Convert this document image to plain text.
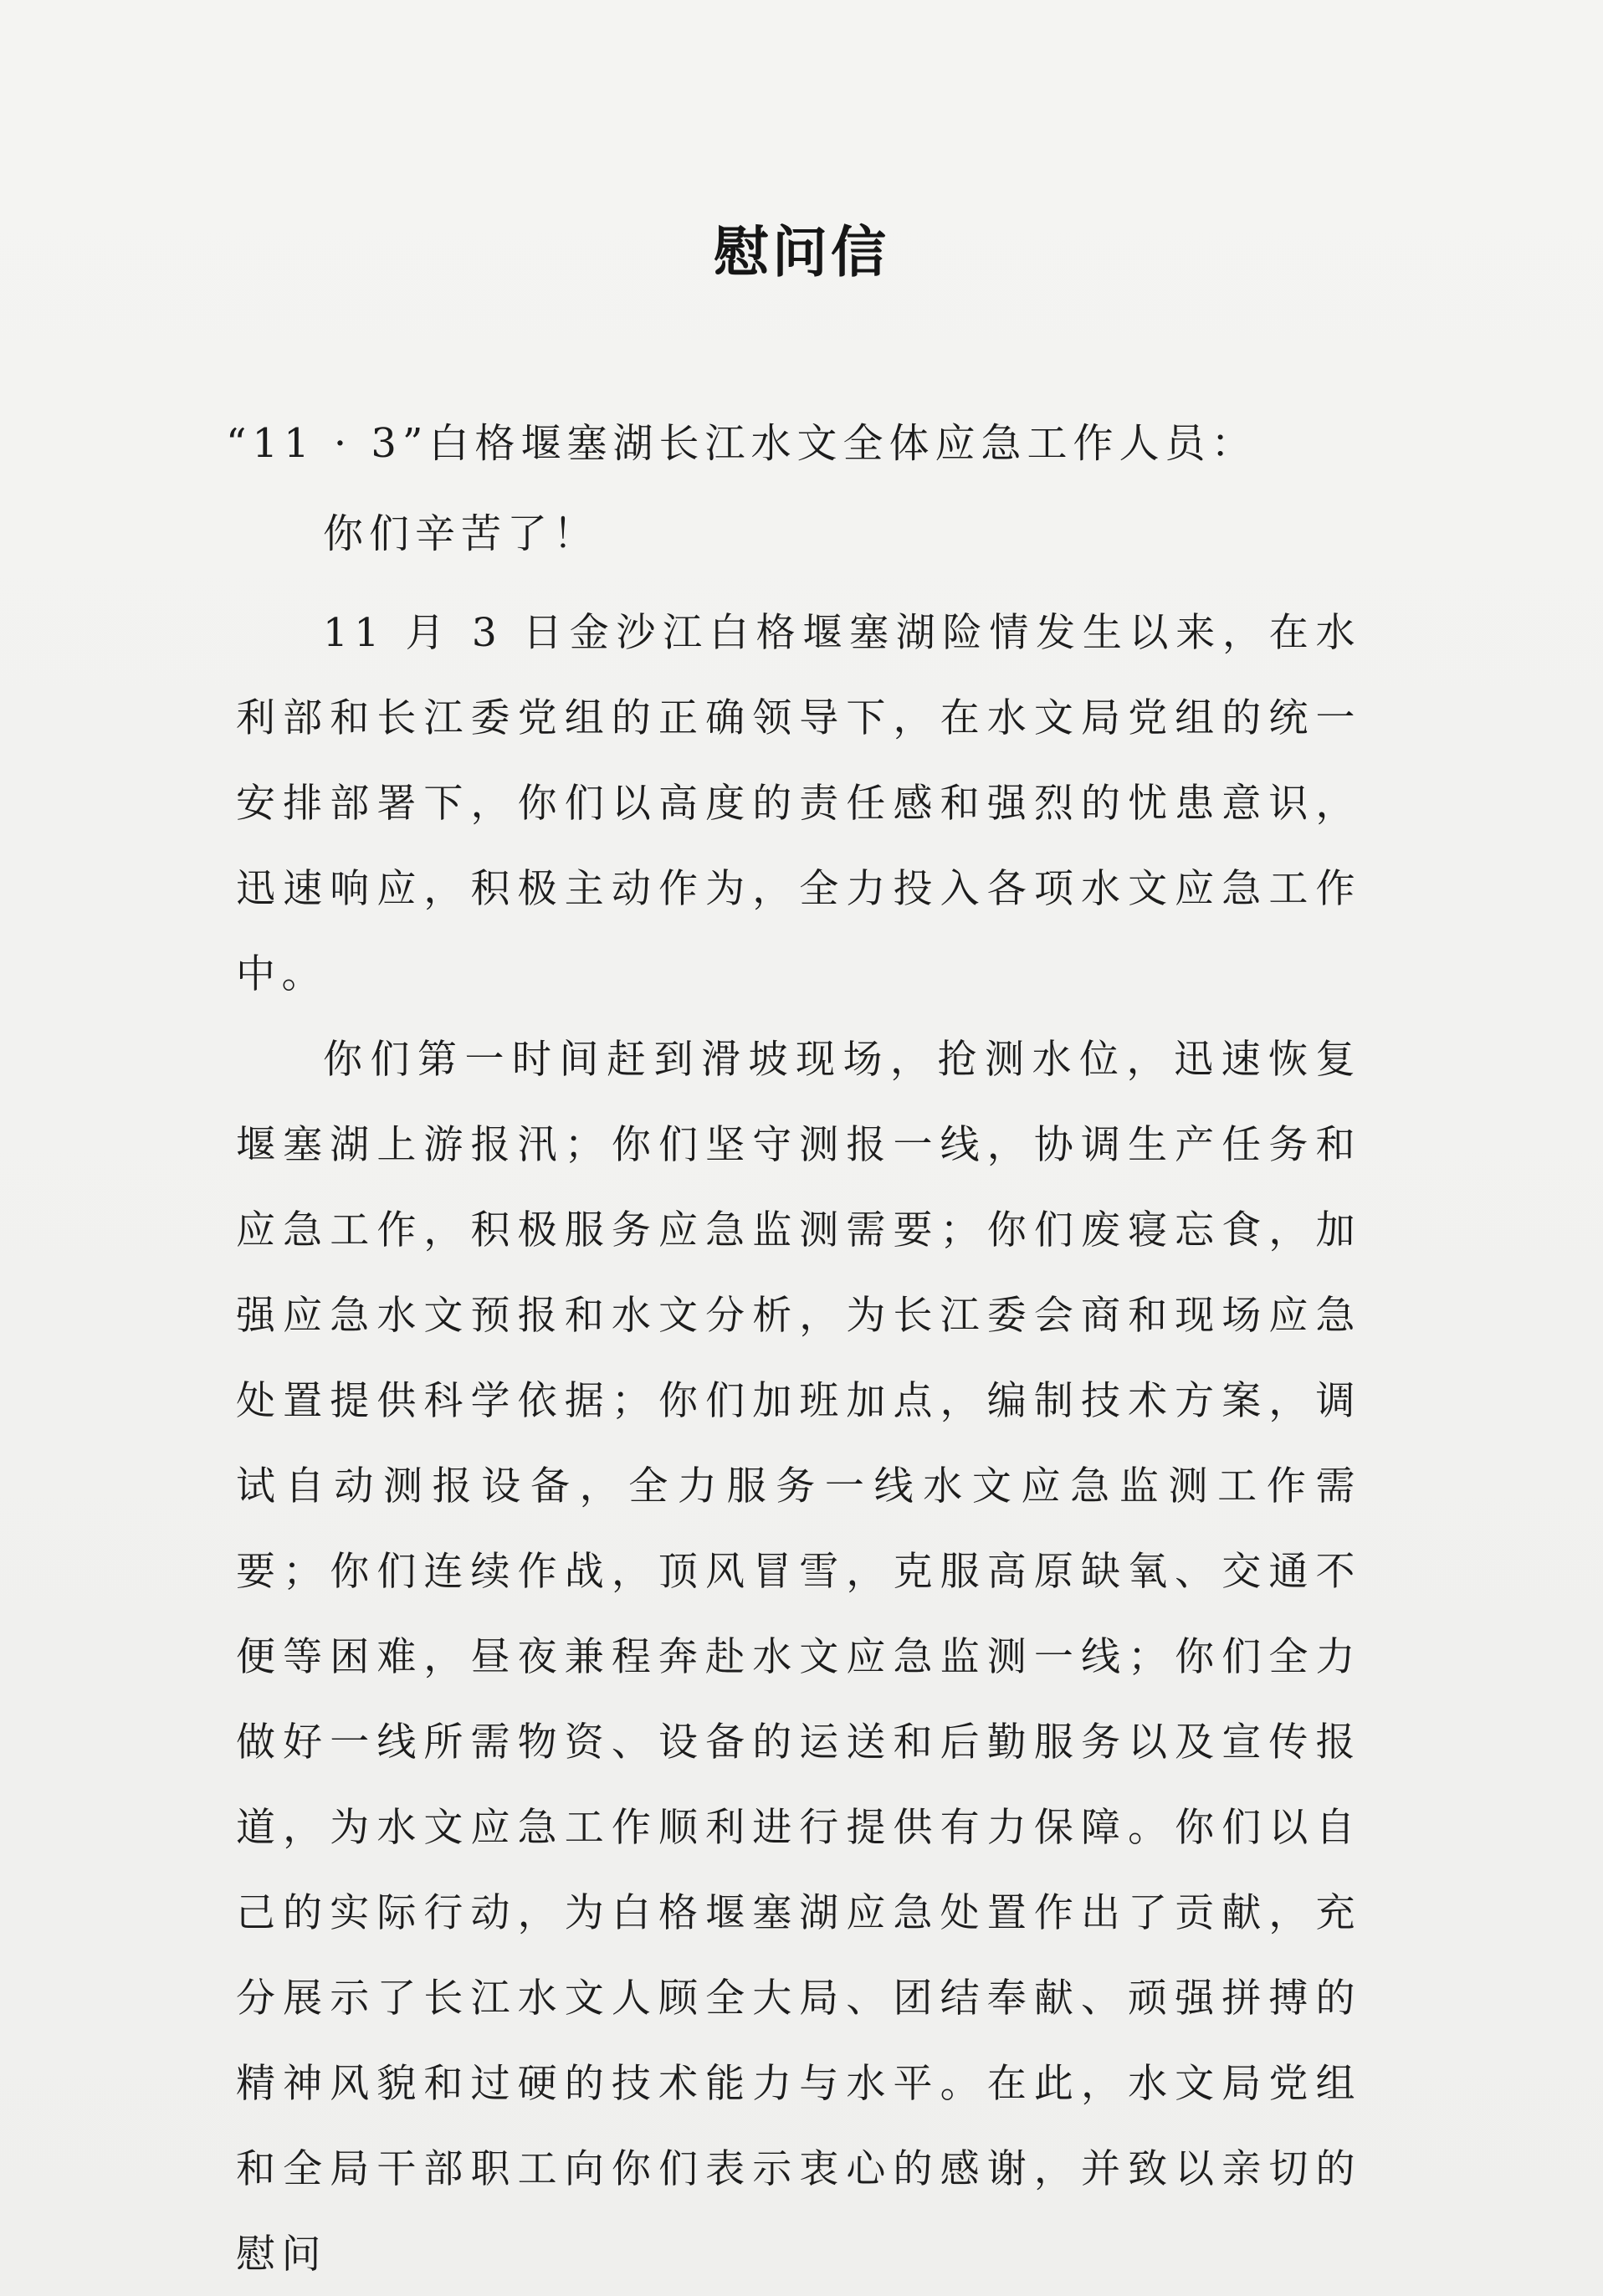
慰问信
“11 · 3”白格堰塞湖长江水文全体应急工作人员：
你们辛苦了！

11 月 3 日金沙江白格堰塞湖险情发生以来，在水利部和长江委党组的正确领导下，在水文局党组的统一安排部署下，你们以高度的责任感和强烈的忧患意识，迅速响应，积极主动作为，全力投入各项水文应急工作中。

你们第一时间赶到滑坡现场，抢测水位，迅速恢复堰塞湖上游报汛；你们坚守测报一线，协调生产任务和应急工作，积极服务应急监测需要；你们废寝忘食，加强应急水文预报和水文分析，为长江委会商和现场应急处置提供科学依据；你们加班加点，编制技术方案，调试自动测报设备，全力服务一线水文应急监测工作需要；你们连续作战，顶风冒雪，克服高原缺氧、交通不便等困难，昼夜兼程奔赴水文应急监测一线；你们全力做好一线所需物资、设备的运送和后勤服务以及宣传报道，为水文应急工作顺利进行提供有力保障。你们以自己的实际行动，为白格堰塞湖应急处置作出了贡献，充分展示了长江水文人顾全大局、团结奉献、顽强拼搏的精神风貌和过硬的技术能力与水平。在此，水文局党组和全局干部职工向你们表示衷心的感谢，并致以亲切的慰问
